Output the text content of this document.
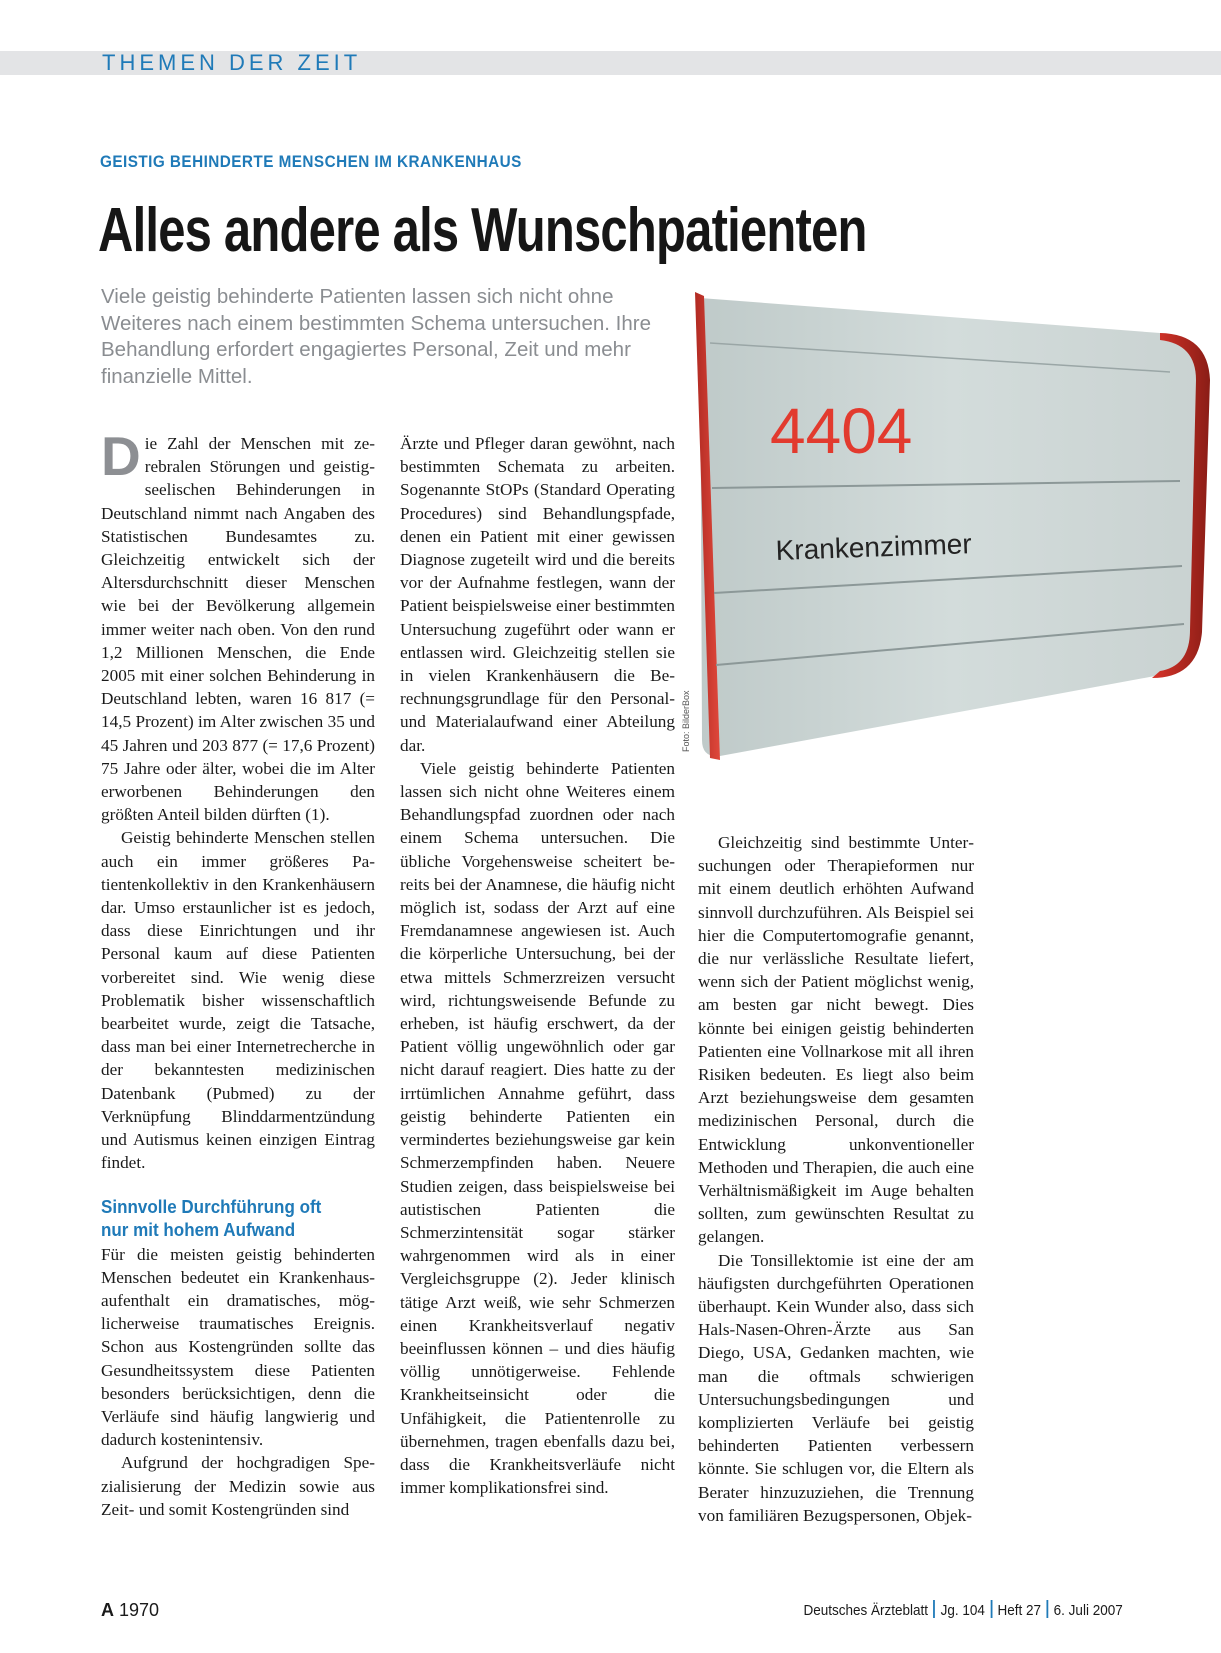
THEMEN DER ZEIT
GEISTIG BEHINDERTE MENSCHEN IM KRANKENHAUS
Alles andere als Wunschpatienten

Viele geistig behinderte Patienten lassen sich nicht ohne Weiteres nach einem bestimmten Schema untersuchen. Ihre Behandlung erfordert engagiertes Personal, Zeit und mehr finanzielle Mittel.

4404
Krankenzimmer
Foto: BilderBox

Die Zahl der Menschen mit zerebralen Störungen und geistig-seelischen Behinderungen in Deutschland nimmt nach Angaben des Statistischen Bundesamtes zu. Gleichzeitig entwickelt sich der Altersdurchschnitt dieser Menschen wie bei der Bevölkerung allgemein immer weiter nach oben. Von den rund 1,2 Millionen Menschen, die Ende 2005 mit einer solchen Behinderung in Deutschland lebten, waren 16 817 (= 14,5 Prozent) im Alter zwischen 35 und 45 Jahren und 203 877 (= 17,6 Prozent) 75 Jahre oder älter, wobei die im Alter erworbenen Behinderungen den größten Anteil bilden dürften (1).

Geistig behinderte Menschen stellen auch ein immer größeres Patientenkollektiv in den Krankenhäusern dar. Umso erstaunlicher ist es jedoch, dass diese Einrichtungen und ihr Personal kaum auf diese Patienten vorbereitet sind. Wie wenig diese Problematik bisher wissenschaftlich bearbeitet wurde, zeigt die Tatsache, dass man bei einer Internetrecherche in der bekanntesten medizinischen Datenbank (Pubmed) zu der Verknüpfung Blinddarmentzündung und Autismus keinen einzigen Eintrag findet.

Sinnvolle Durchführung oft
nur mit hohem Aufwand

Für die meisten geistig behinderten Menschen bedeutet ein Krankenhausaufenthalt ein dramatisches, möglicherweise traumatisches Ereignis. Schon aus Kostengründen sollte das Gesundheitssystem diese Patienten besonders berücksichtigen, denn die Verläufe sind häufig langwierig und dadurch kostenintensiv.

Aufgrund der hochgradigen Spezialisierung der Medizin sowie aus Zeit- und somit Kostengründen sind

Ärzte und Pfleger daran gewöhnt, nach bestimmten Schemata zu arbeiten. Sogenannte StOPs (Standard Operating Procedures) sind Behandlungspfade, denen ein Patient mit einer gewissen Diagnose zugeteilt wird und die bereits vor der Aufnahme festlegen, wann der Patient beispielsweise einer bestimmten Untersuchung zugeführt oder wann er entlassen wird. Gleichzeitig stellen sie in vielen Krankenhäusern die Berechnungsgrundlage für den Personal- und Materialaufwand einer Abteilung dar.

Viele geistig behinderte Patienten lassen sich nicht ohne Weiteres einem Behandlungspfad zuordnen oder nach einem Schema untersuchen. Die übliche Vorgehensweise scheitert bereits bei der Anamnese, die häufig nicht möglich ist, sodass der Arzt auf eine Fremdanamnese angewiesen ist. Auch die körperliche Untersuchung, bei der etwa mittels Schmerzreizen versucht wird, richtungsweisende Befunde zu erheben, ist häufig erschwert, da der Patient völlig ungewöhnlich oder gar nicht darauf reagiert. Dies hatte zu der irrtümlichen Annahme geführt, dass geistig behinderte Patienten ein vermindertes beziehungsweise gar kein Schmerzempfinden haben. Neuere Studien zeigen, dass beispielsweise bei autistischen Patienten die Schmerzintensität sogar stärker wahrgenommen wird als in einer Vergleichsgruppe (2). Jeder klinisch tätige Arzt weiß, wie sehr Schmerzen einen Krankheitsverlauf negativ beeinflussen können – und dies häufig völlig unnötigerweise. Fehlende Krankheitseinsicht oder die Unfähigkeit, die Patientenrolle zu übernehmen, tragen ebenfalls dazu bei, dass die Krankheitsverläufe nicht immer komplikationsfrei sind.

Gleichzeitig sind bestimmte Untersuchungen oder Therapieformen nur mit einem deutlich erhöhten Aufwand sinnvoll durchzuführen. Als Beispiel sei hier die Computertomografie genannt, die nur verlässliche Resultate liefert, wenn sich der Patient möglichst wenig, am besten gar nicht bewegt. Dies könnte bei einigen geistig behinderten Patienten eine Vollnarkose mit all ihren Risiken bedeuten. Es liegt also beim Arzt beziehungsweise dem gesamten medizinischen Personal, durch die Entwicklung unkonventioneller Methoden und Therapien, die auch eine Verhältnismäßigkeit im Auge behalten sollten, zum gewünschten Resultat zu gelangen.

Die Tonsillektomie ist eine der am häufigsten durchgeführten Operationen überhaupt. Kein Wunder also, dass sich Hals-Nasen-Ohren-Ärzte aus San Diego, USA, Gedanken machten, wie man die oftmals schwierigen Untersuchungsbedingungen und komplizierten Verläufe bei geistig behinderten Patienten verbessern könnte. Sie schlugen vor, die Eltern als Berater hinzuzuziehen, die Trennung von familiären Bezugspersonen, Objek-

A 1970	Deutsches Ärzteblatt Jg. 104 Heft 27 6. Juli 2007
